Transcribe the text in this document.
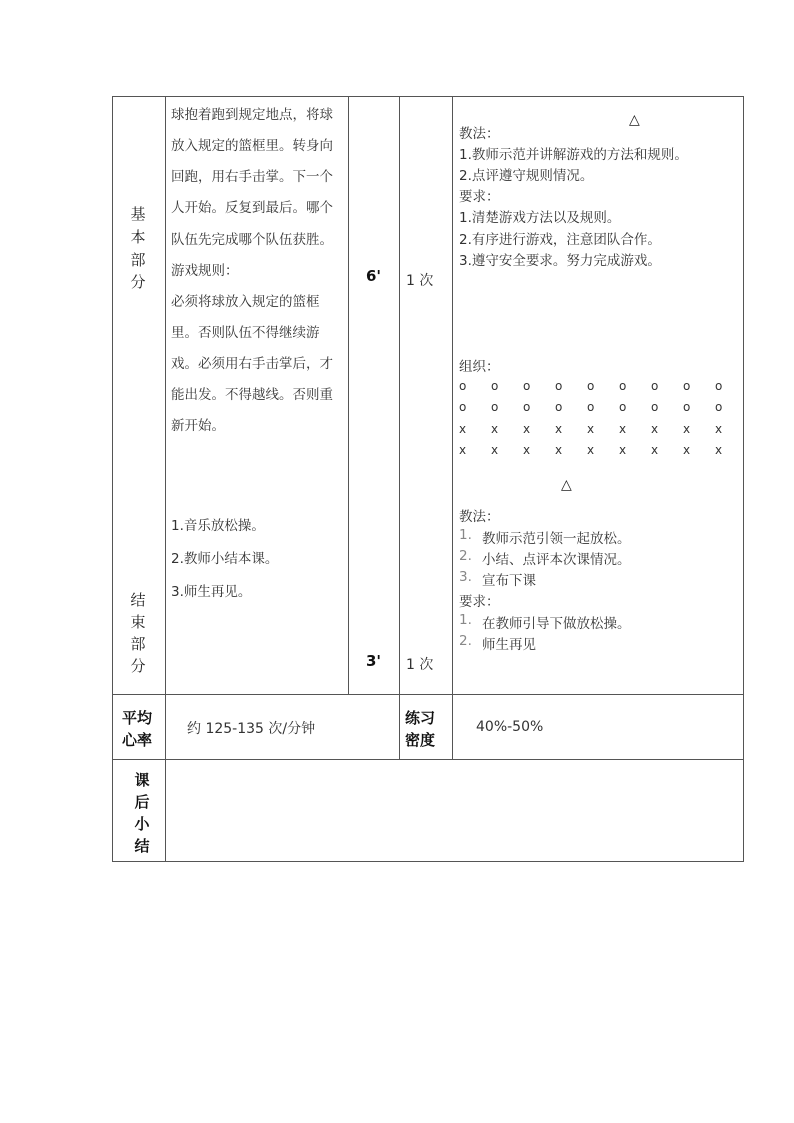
基
本
部
分
结
束
部
分
球抱着跑到规定地点，将球
放入规定的篮框里。转身向
回跑，用右手击掌。下一个
人开始。反复到最后。哪个
队伍先完成哪个队伍获胜。
游戏规则：
必须将球放入规定的篮框
里。否则队伍不得继续游
戏。必须用右手击掌后，才
能出发。不得越线。否则重
新开始。
1.音乐放松操。
2.教师小结本课。
3.师生再见。
6'
3'
1 次
1 次
△
教法：
1.教师示范并讲解游戏的方法和规则。
2.点评遵守规则情况。
要求：
1.清楚游戏方法以及规则。
2.有序进行游戏，注意团队合作。
3.遵守安全要求。努力完成游戏。
组织：
o o o o o o o o o
o o o o o o o o o
x x x x x x x x x
x x x x x x x x x
△
教法：
1. 教师示范引领一起放松。
2. 小结、点评本次课情况。
3. 宣布下课
要求：
1. 在教师引导下做放松操。
2. 师生再见
平均
心率
约 125-135 次/分钟
练习
密度
40%-50%
课
后
小
结
